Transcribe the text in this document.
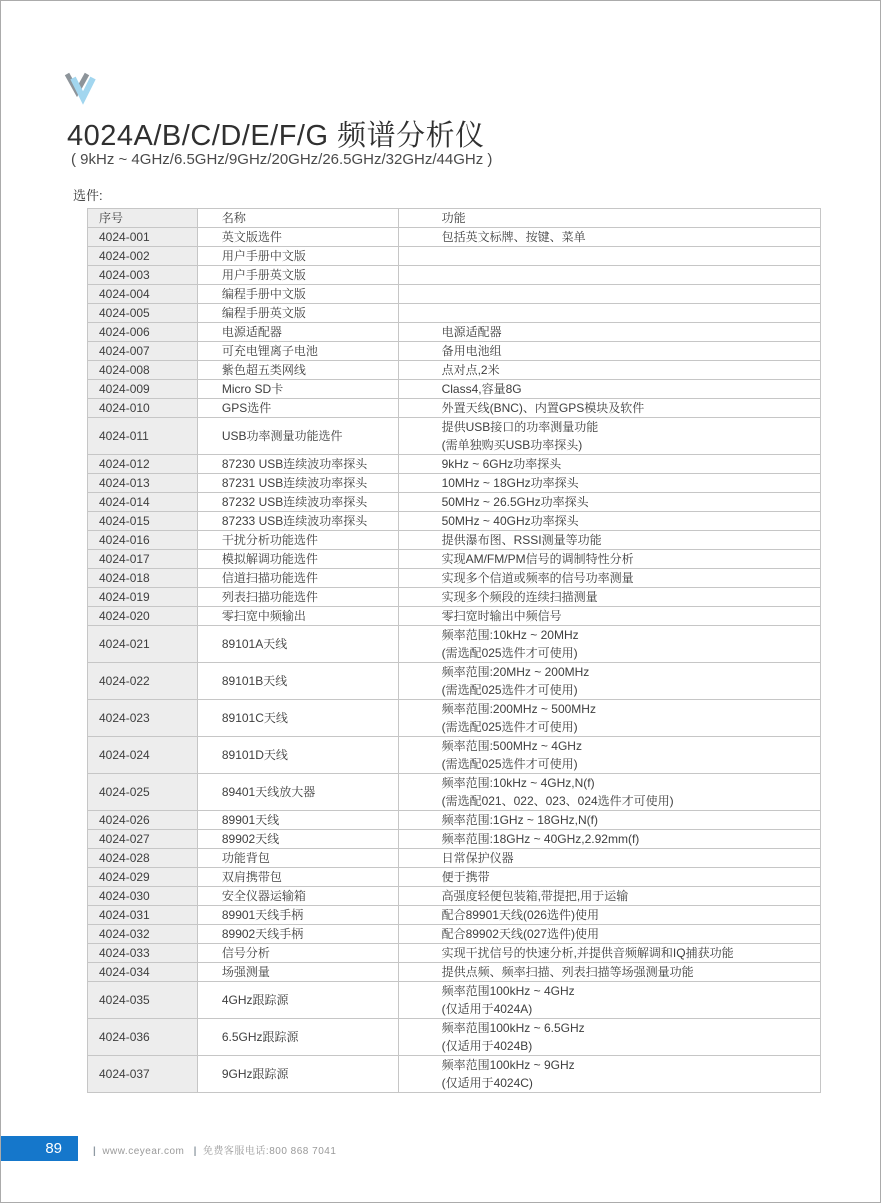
微波/毫米波测量仪器
4024A/B/C/D/E/F/G 频谱分析仪
( 9kHz ~ 4GHz/6.5GHz/9GHz/20GHz/26.5GHz/32GHz/44GHz )
选件:
序号	名称	功能
4024-001	英文版选件	包括英文标牌、按键、菜单

4024-002	用户手册中文版	
4024-003	用户手册英文版	
4024-004	编程手册中文版	
4024-005	编程手册英文版	
4024-006	电源适配器	电源适配器

4024-007	可充电锂离子电池	备用电池组

4024-008	紫色超五类网线	点对点,2米

4024-009	Micro SD卡	Class4,容量8G

4024-010	GPS选件	外置天线(BNC)、内置GPS模块及软件

4024-011	USB功率测量功能选件	提供USB接口的功率测量功能
(需单独购买USB功率探头)

4024-012	87230 USB连续波功率探头	9kHz ~ 6GHz功率探头

4024-013	87231 USB连续波功率探头	10MHz ~ 18GHz功率探头

4024-014	87232 USB连续波功率探头	50MHz ~ 26.5GHz功率探头

4024-015	87233 USB连续波功率探头	50MHz ~ 40GHz功率探头

4024-016	干扰分析功能选件	提供瀑布图、RSSI测量等功能

4024-017	模拟解调功能选件	实现AM/FM/PM信号的调制特性分析

4024-018	信道扫描功能选件	实现多个信道或频率的信号功率测量

4024-019	列表扫描功能选件	实现多个频段的连续扫描测量

4024-020	零扫宽中频输出	零扫宽时输出中频信号

4024-021	89101A天线	频率范围:10kHz ~ 20MHz
(需选配025选件才可使用)

4024-022	89101B天线	频率范围:20MHz ~ 200MHz
(需选配025选件才可使用)

4024-023	89101C天线	频率范围:200MHz ~ 500MHz
(需选配025选件才可使用)

4024-024	89101D天线	频率范围:500MHz ~ 4GHz
(需选配025选件才可使用)

4024-025	89401天线放大器	频率范围:10kHz ~ 4GHz,N(f)
(需选配021、022、023、024选件才可使用)

4024-026	89901天线	频率范围:1GHz ~ 18GHz,N(f)

4024-027	89902天线	频率范围:18GHz ~ 40GHz,2.92mm(f)

4024-028	功能背包	日常保护仪器

4024-029	双肩携带包	便于携带

4024-030	安全仪器运输箱	高强度轻便包装箱,带提把,用于运输

4024-031	89901天线手柄	配合89901天线(026选件)使用

4024-032	89902天线手柄	配合89902天线(027选件)使用

4024-033	信号分析	实现干扰信号的快速分析,并提供音频解调和IQ捕获功能

4024-034	场强测量	提供点频、频率扫描、列表扫描等场强测量功能

4024-035	4GHz跟踪源	频率范围100kHz ~ 4GHz
(仅适用于4024A)

4024-036	6.5GHz跟踪源	频率范围100kHz ~ 6.5GHz
(仅适用于4024B)

4024-037	9GHz跟踪源	频率范围100kHz ~ 9GHz
(仅适用于4024C)
89	| www.ceyear.com | 免费客服电话:800 868 7041
